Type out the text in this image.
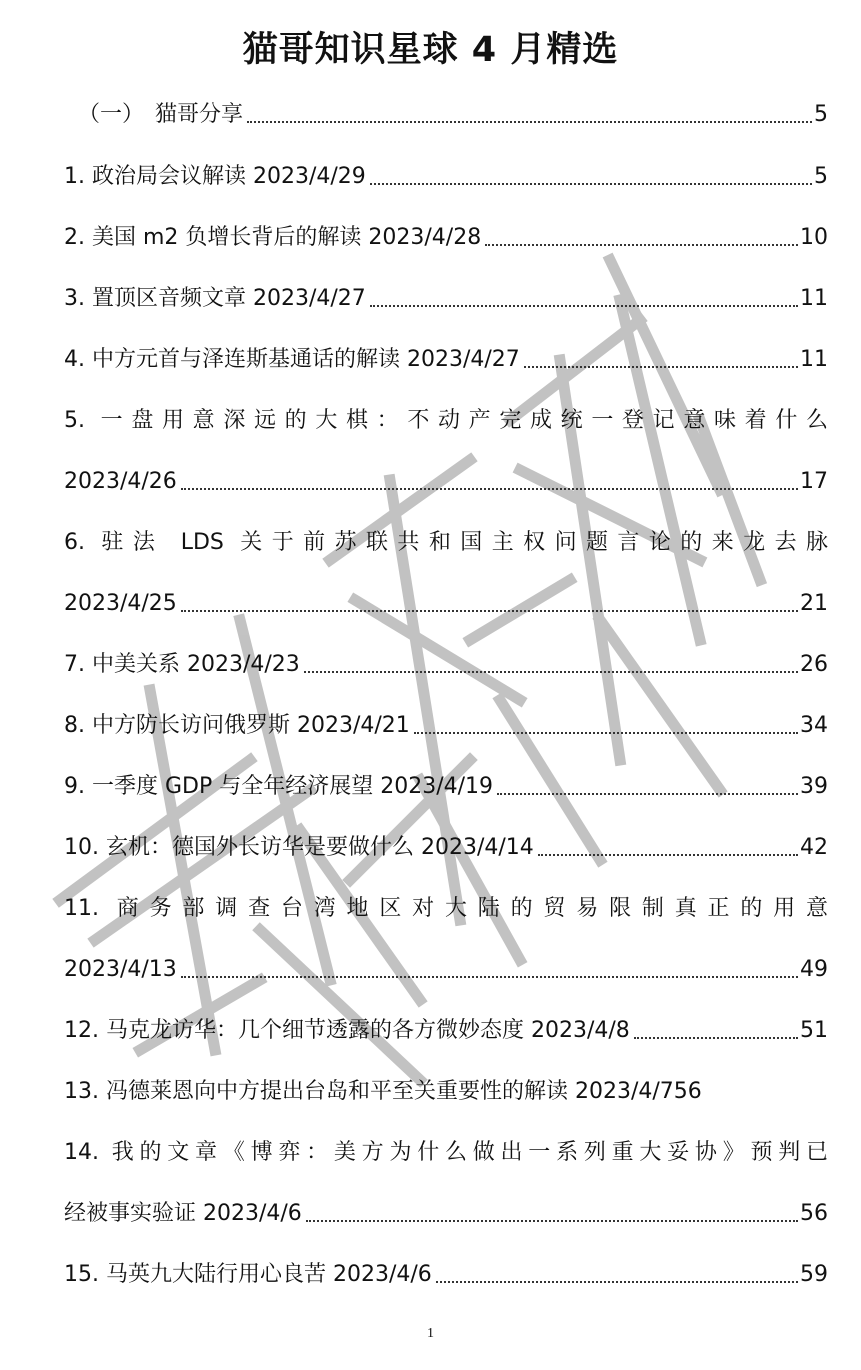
猫哥知识星球 4 月精选
（一）　猫哥分享	5
1. 政治局会议解读 2023/4/29	5
2. 美国 m2 负增长背后的解读 2023/4/28	10
3. 置顶区音频文章 2023/4/27	11
4. 中方元首与泽连斯基通话的解读 2023/4/27	11
5. 一盘用意深远的大棋：不动产完成统一登记意味着什么
2023/4/26	17
6. 驻法 LDS 关于前苏联共和国主权问题言论的来龙去脉
2023/4/25	21
7. 中美关系 2023/4/23	26
8. 中方防长访问俄罗斯 2023/4/21	34
9. 一季度 GDP 与全年经济展望 2023/4/19	39
10. 玄机：德国外长访华是要做什么 2023/4/14	42
11. 商务部调查台湾地区对大陆的贸易限制真正的用意
2023/4/13	49
12. 马克龙访华：几个细节透露的各方微妙态度 2023/4/8	51
13. 冯德莱恩向中方提出台岛和平至关重要性的解读 2023/4/7 56
14. 我的文章《博弈：美方为什么做出一系列重大妥协》预判已
经被事实验证 2023/4/6	56
15. 马英九大陆行用心良苦 2023/4/6	59
1
